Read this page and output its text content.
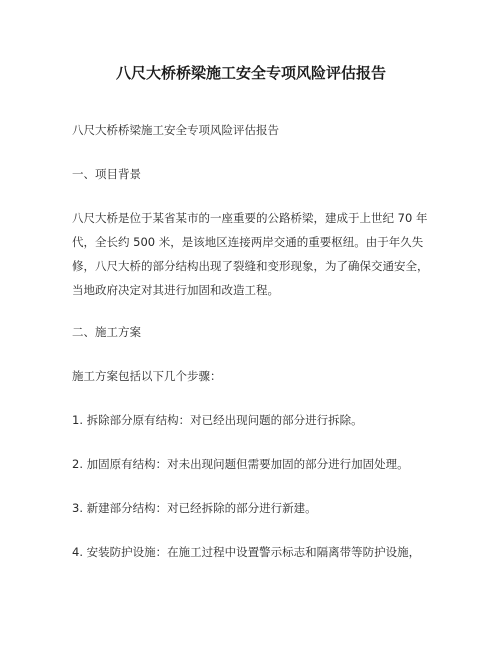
八尺大桥桥梁施工安全专项风险评估报告

八尺大桥桥梁施工安全专项风险评估报告

一、项目背景

八尺大桥是位于某省某市的一座重要的公路桥梁，建成于上世纪 70 年
代，全长约 500 米，是该地区连接两岸交通的重要枢纽。由于年久失
修，八尺大桥的部分结构出现了裂缝和变形现象，为了确保交通安全，
当地政府决定对其进行加固和改造工程。

二、施工方案

施工方案包括以下几个步骤：

1. 拆除部分原有结构：对已经出现问题的部分进行拆除。

2. 加固原有结构：对未出现问题但需要加固的部分进行加固处理。

3. 新建部分结构：对已经拆除的部分进行新建。

4. 安装防护设施：在施工过程中设置警示标志和隔离带等防护设施，
